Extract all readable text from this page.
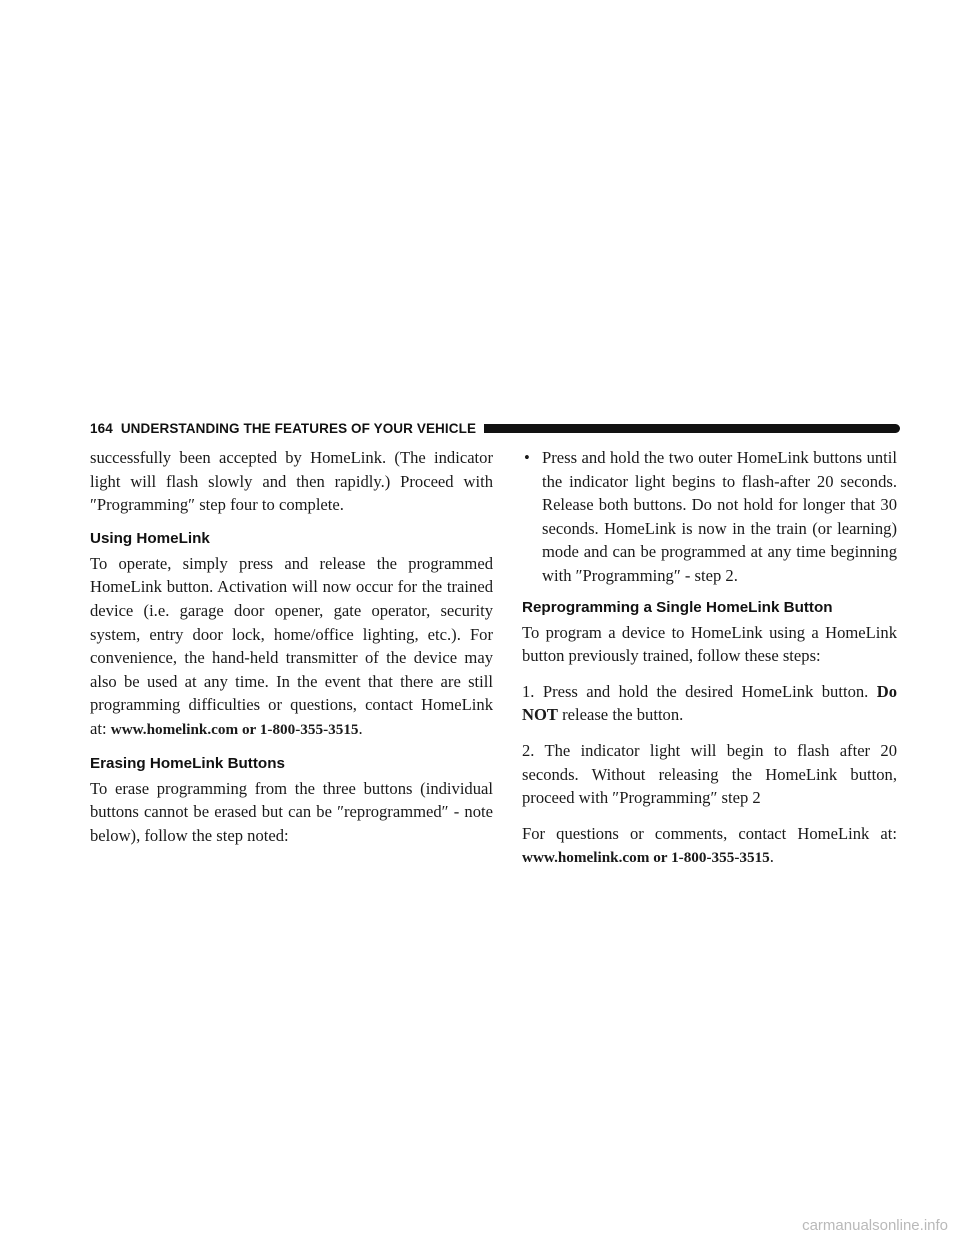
164 UNDERSTANDING THE FEATURES OF YOUR VEHICLE

successfully been accepted by HomeLink. (The indicator light will flash slowly and then rapidly.) Proceed with ″Programming″ step four to complete.

Using HomeLink

To operate, simply press and release the programmed HomeLink button. Activation will now occur for the trained device (i.e. garage door opener, gate operator, security system, entry door lock, home/office lighting, etc.). For convenience, the hand-held transmitter of the device may also be used at any time. In the event that there are still programming difficulties or questions, contact HomeLink at: www.homelink.com or 1-800-355-3515.

Erasing HomeLink Buttons

To erase programming from the three buttons (individual buttons cannot be erased but can be ″reprogrammed″ - note below), follow the step noted:

• Press and hold the two outer HomeLink buttons until the indicator light begins to flash-after 20 seconds. Release both buttons. Do not hold for longer that 30 seconds. HomeLink is now in the train (or learning) mode and can be programmed at any time beginning with ″Programming″ - step 2.
Reprogramming a Single HomeLink Button

To program a device to HomeLink using a HomeLink button previously trained, follow these steps:

1. Press and hold the desired HomeLink button. Do NOT release the button.

2. The indicator light will begin to flash after 20 seconds. Without releasing the HomeLink button, proceed with ″Programming″ step 2

For questions or comments, contact HomeLink at: www.homelink.com or 1-800-355-3515.

carmanualsonline.info
